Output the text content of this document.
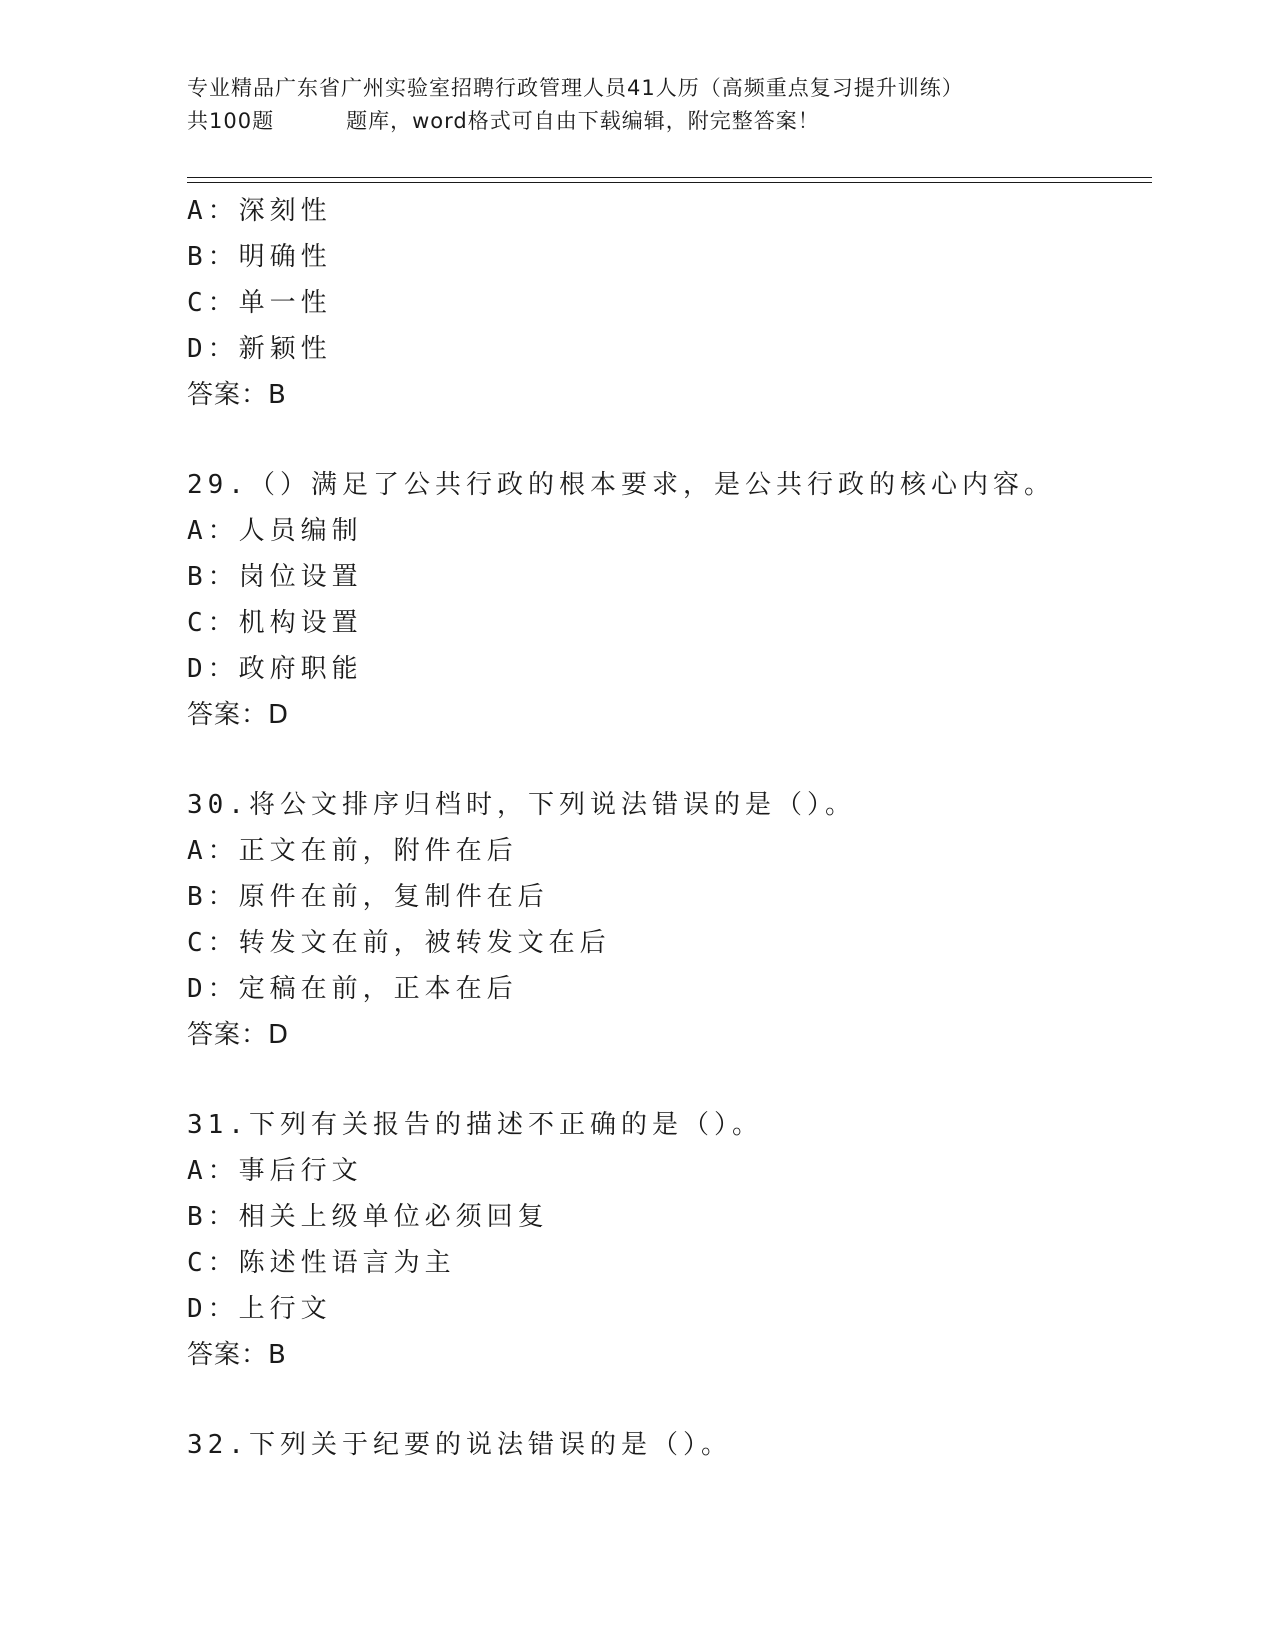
专业精品广东省广州实验室招聘行政管理人员41人历（高频重点复习提升训练）
共100题	题库，word格式可自由下载编辑，附完整答案！
A：深刻性
B：明确性
C：单一性
D：新颖性
答案：B
29.（）满足了公共行政的根本要求，是公共行政的核心内容。
A：人员编制
B：岗位设置
C：机构设置
D：政府职能
答案：D
30.将公文排序归档时，下列说法错误的是（）。
A：正文在前，附件在后
B：原件在前，复制件在后
C：转发文在前，被转发文在后
D：定稿在前，正本在后
答案：D
31.下列有关报告的描述不正确的是（）。
A：事后行文
B：相关上级单位必须回复
C：陈述性语言为主
D：上行文
答案：B
32.下列关于纪要的说法错误的是（）。
